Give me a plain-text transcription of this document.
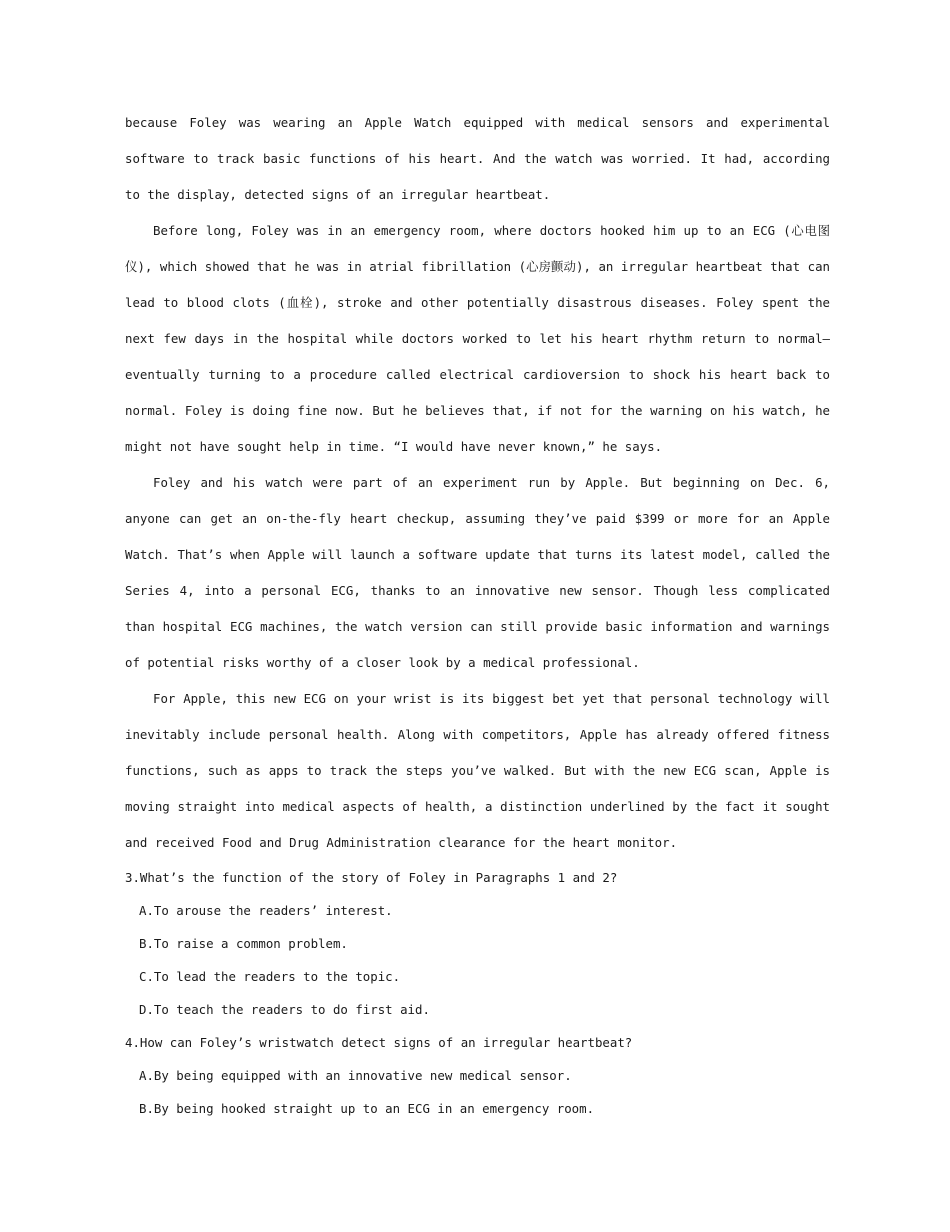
because Foley was wearing an Apple Watch equipped with medical sensors and experimental software to track basic functions of his heart. And the watch was worried. It had, according to the display, detected signs of an irregular heartbeat.

Before long, Foley was in an emergency room, where doctors hooked him up to an ECG (心电图仪), which showed that he was in atrial fibrillation (心房颤动), an irregular heartbeat that can lead to blood clots (血栓), stroke and other potentially disastrous diseases. Foley spent the next few days in the hospital while doctors worked to let his heart rhythm return to normal—eventually turning to a procedure called electrical cardioversion to shock his heart back to normal. Foley is doing fine now. But he believes that, if not for the warning on his watch, he might not have sought help in time. “I would have never known,” he says.

Foley and his watch were part of an experiment run by Apple. But beginning on Dec. 6, anyone can get an on-the-fly heart checkup, assuming they’ve paid $399 or more for an Apple Watch. That’s when Apple will launch a software update that turns its latest model, called the Series 4, into a personal ECG, thanks to an innovative new sensor. Though less complicated than hospital ECG machines, the watch version can still provide basic information and warnings of potential risks worthy of a closer look by a medical professional.

For Apple, this new ECG on your wrist is its biggest bet yet that personal technology will inevitably include personal health. Along with competitors, Apple has already offered fitness functions, such as apps to track the steps you’ve walked. But with the new ECG scan, Apple is moving straight into medical aspects of health, a distinction underlined by the fact it sought and received Food and Drug Administration clearance for the heart monitor.

3.What’s the function of the story of Foley in Paragraphs 1 and 2?

A.To arouse the readers’ interest.

B.To raise a common problem.

C.To lead the readers to the topic.

D.To teach the readers to do first aid.

4.How can Foley’s wristwatch detect signs of an irregular heartbeat?

A.By being equipped with an innovative new medical sensor.

B.By being hooked straight up to an ECG in an emergency room.
